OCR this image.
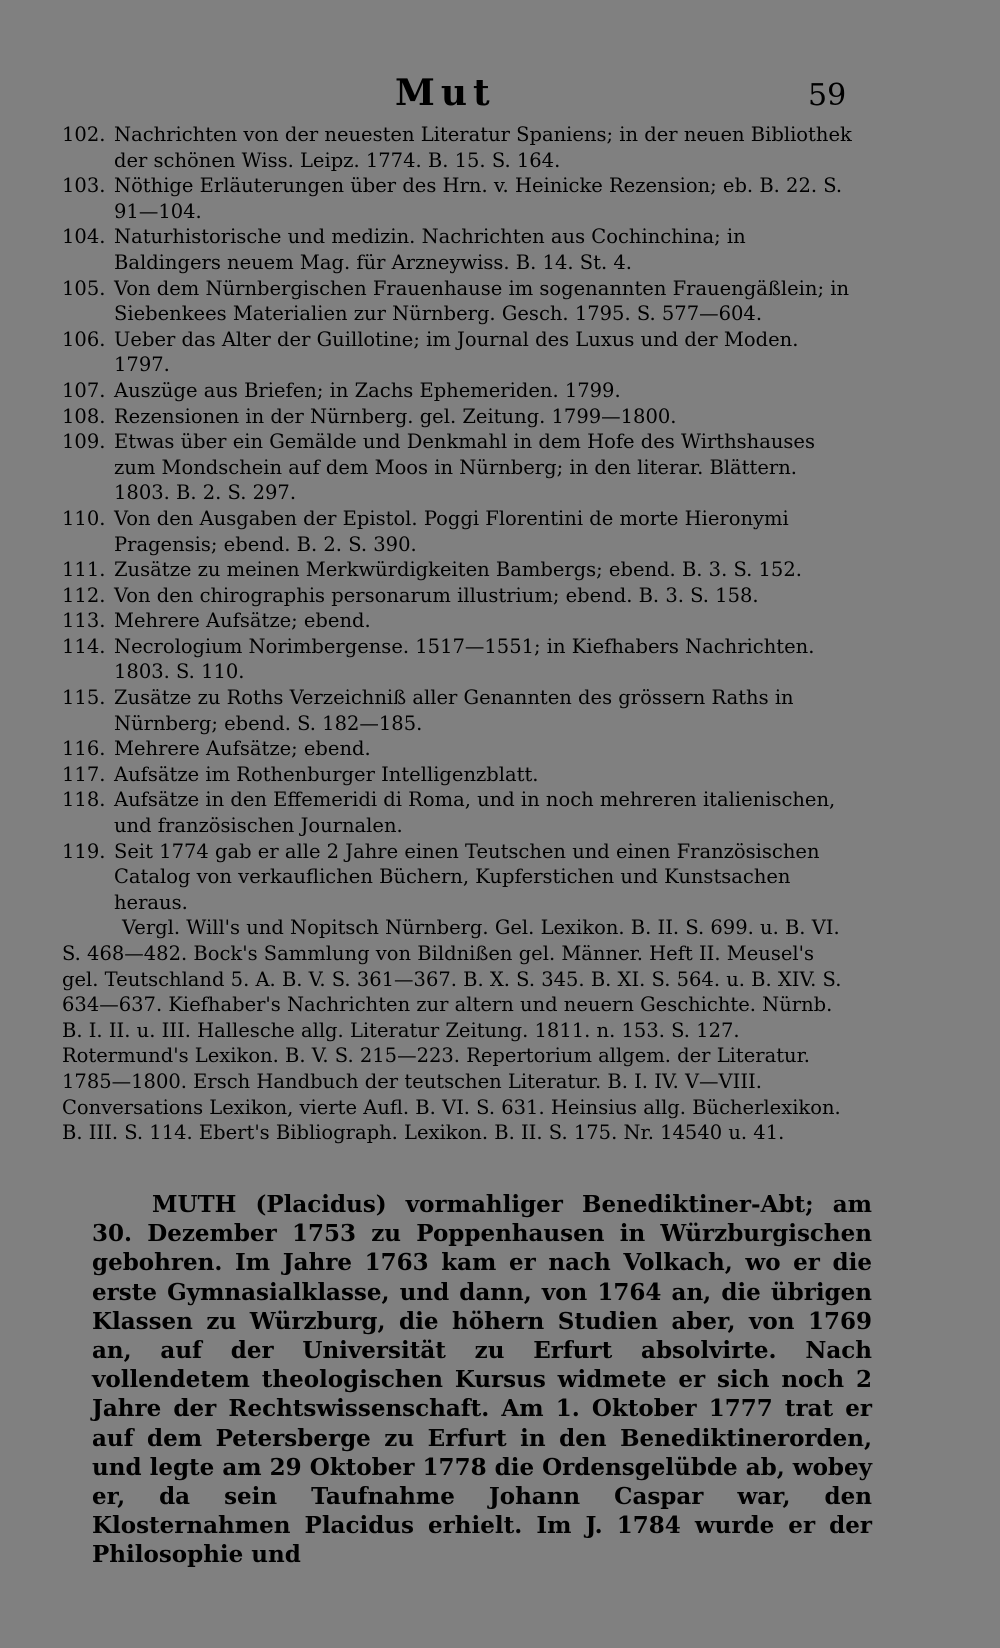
Mut	59
102. Nachrichten von der neuesten Literatur Spaniens; in der neuen Bibliothek der schönen Wiss. Leipz. 1774. B. 15. S. 164.
103. Nöthige Erläuterungen über des Hrn. v. Heinicke Rezension; eb. B. 22. S. 91—104.
104. Naturhistorische und medizin. Nachrichten aus Cochinchina; in Baldingers neuem Mag. für Arzneywiss. B. 14. St. 4.
105. Von dem Nürnbergischen Frauenhause im sogenannten Frauengäßlein; in Siebenkees Materialien zur Nürnberg. Gesch. 1795. S. 577—604.
106. Ueber das Alter der Guillotine; im Journal des Luxus und der Moden. 1797.
107. Auszüge aus Briefen; in Zachs Ephemeriden. 1799.
108. Rezensionen in der Nürnberg. gel. Zeitung. 1799—1800.
109. Etwas über ein Gemälde und Denkmahl in dem Hofe des Wirthshauses zum Mondschein auf dem Moos in Nürnberg; in den literar. Blättern. 1803. B. 2. S. 297.
110. Von den Ausgaben der Epistol. Poggi Florentini de morte Hieronymi Pragensis; ebend. B. 2. S. 390.
111. Zusätze zu meinen Merkwürdigkeiten Bambergs; ebend. B. 3. S. 152.
112. Von den chirographis personarum illustrium; ebend. B. 3. S. 158.
113. Mehrere Aufsätze; ebend.
114. Necrologium Norimbergense. 1517—1551; in Kiefhabers Nachrichten. 1803. S. 110.
115. Zusätze zu Roths Verzeichniß aller Genannten des grössern Raths in Nürnberg; ebend. S. 182—185.
116. Mehrere Aufsätze; ebend.
117. Aufsätze im Rothenburger Intelligenzblatt.
118. Aufsätze in den Effemeridi di Roma, und in noch mehreren italienischen, und französischen Journalen.
119. Seit 1774 gab er alle 2 Jahre einen Teutschen und einen Französischen Catalog von verkauflichen Büchern, Kupferstichen und Kunstsachen heraus.
Vergl. Will's und Nopitsch Nürnberg. Gel. Lexikon. B. II. S. 699. u. B. VI. S. 468—482. Bock's Sammlung von Bildnißen gel. Männer. Heft II. Meusel's gel. Teutschland 5. A. B. V. S. 361—367. B. X. S. 345. B. XI. S. 564. u. B. XIV. S. 634—637. Kiefhaber's Nachrichten zur altern und neuern Geschichte. Nürnb. B. I. II. u. III. Hallesche allg. Literatur Zeitung. 1811. n. 153. S. 127. Rotermund's Lexikon. B. V. S. 215—223. Repertorium allgem. der Literatur. 1785—1800. Ersch Handbuch der teutschen Literatur. B. I. IV. V—VIII. Conversations Lexikon, vierte Aufl. B. VI. S. 631. Heinsius allg. Bücherlexikon. B. III. S. 114. Ebert's Bibliograph. Lexikon. B. II. S. 175. Nr. 14540 u. 41.
MUTH (Placidus) vormahliger Benediktiner-Abt; am 30. Dezember 1753 zu Poppenhausen in Würzburgischen gebohren. Im Jahre 1763 kam er nach Volkach, wo er die erste Gymnasialklasse, und dann, von 1764 an, die übrigen Klassen zu Würzburg, die höhern Studien aber, von 1769 an, auf der Universität zu Erfurt absolvirte. Nach vollendetem theologischen Kursus widmete er sich noch 2 Jahre der Rechtswissenschaft. Am 1. Oktober 1777 trat er auf dem Petersberge zu Erfurt in den Benediktinerorden, und legte am 29 Oktober 1778 die Ordensgelübde ab, wobey er, da sein Taufnahme Johann Caspar war, den Klosternahmen Placidus erhielt. Im J. 1784 wurde er der Philosophie und
